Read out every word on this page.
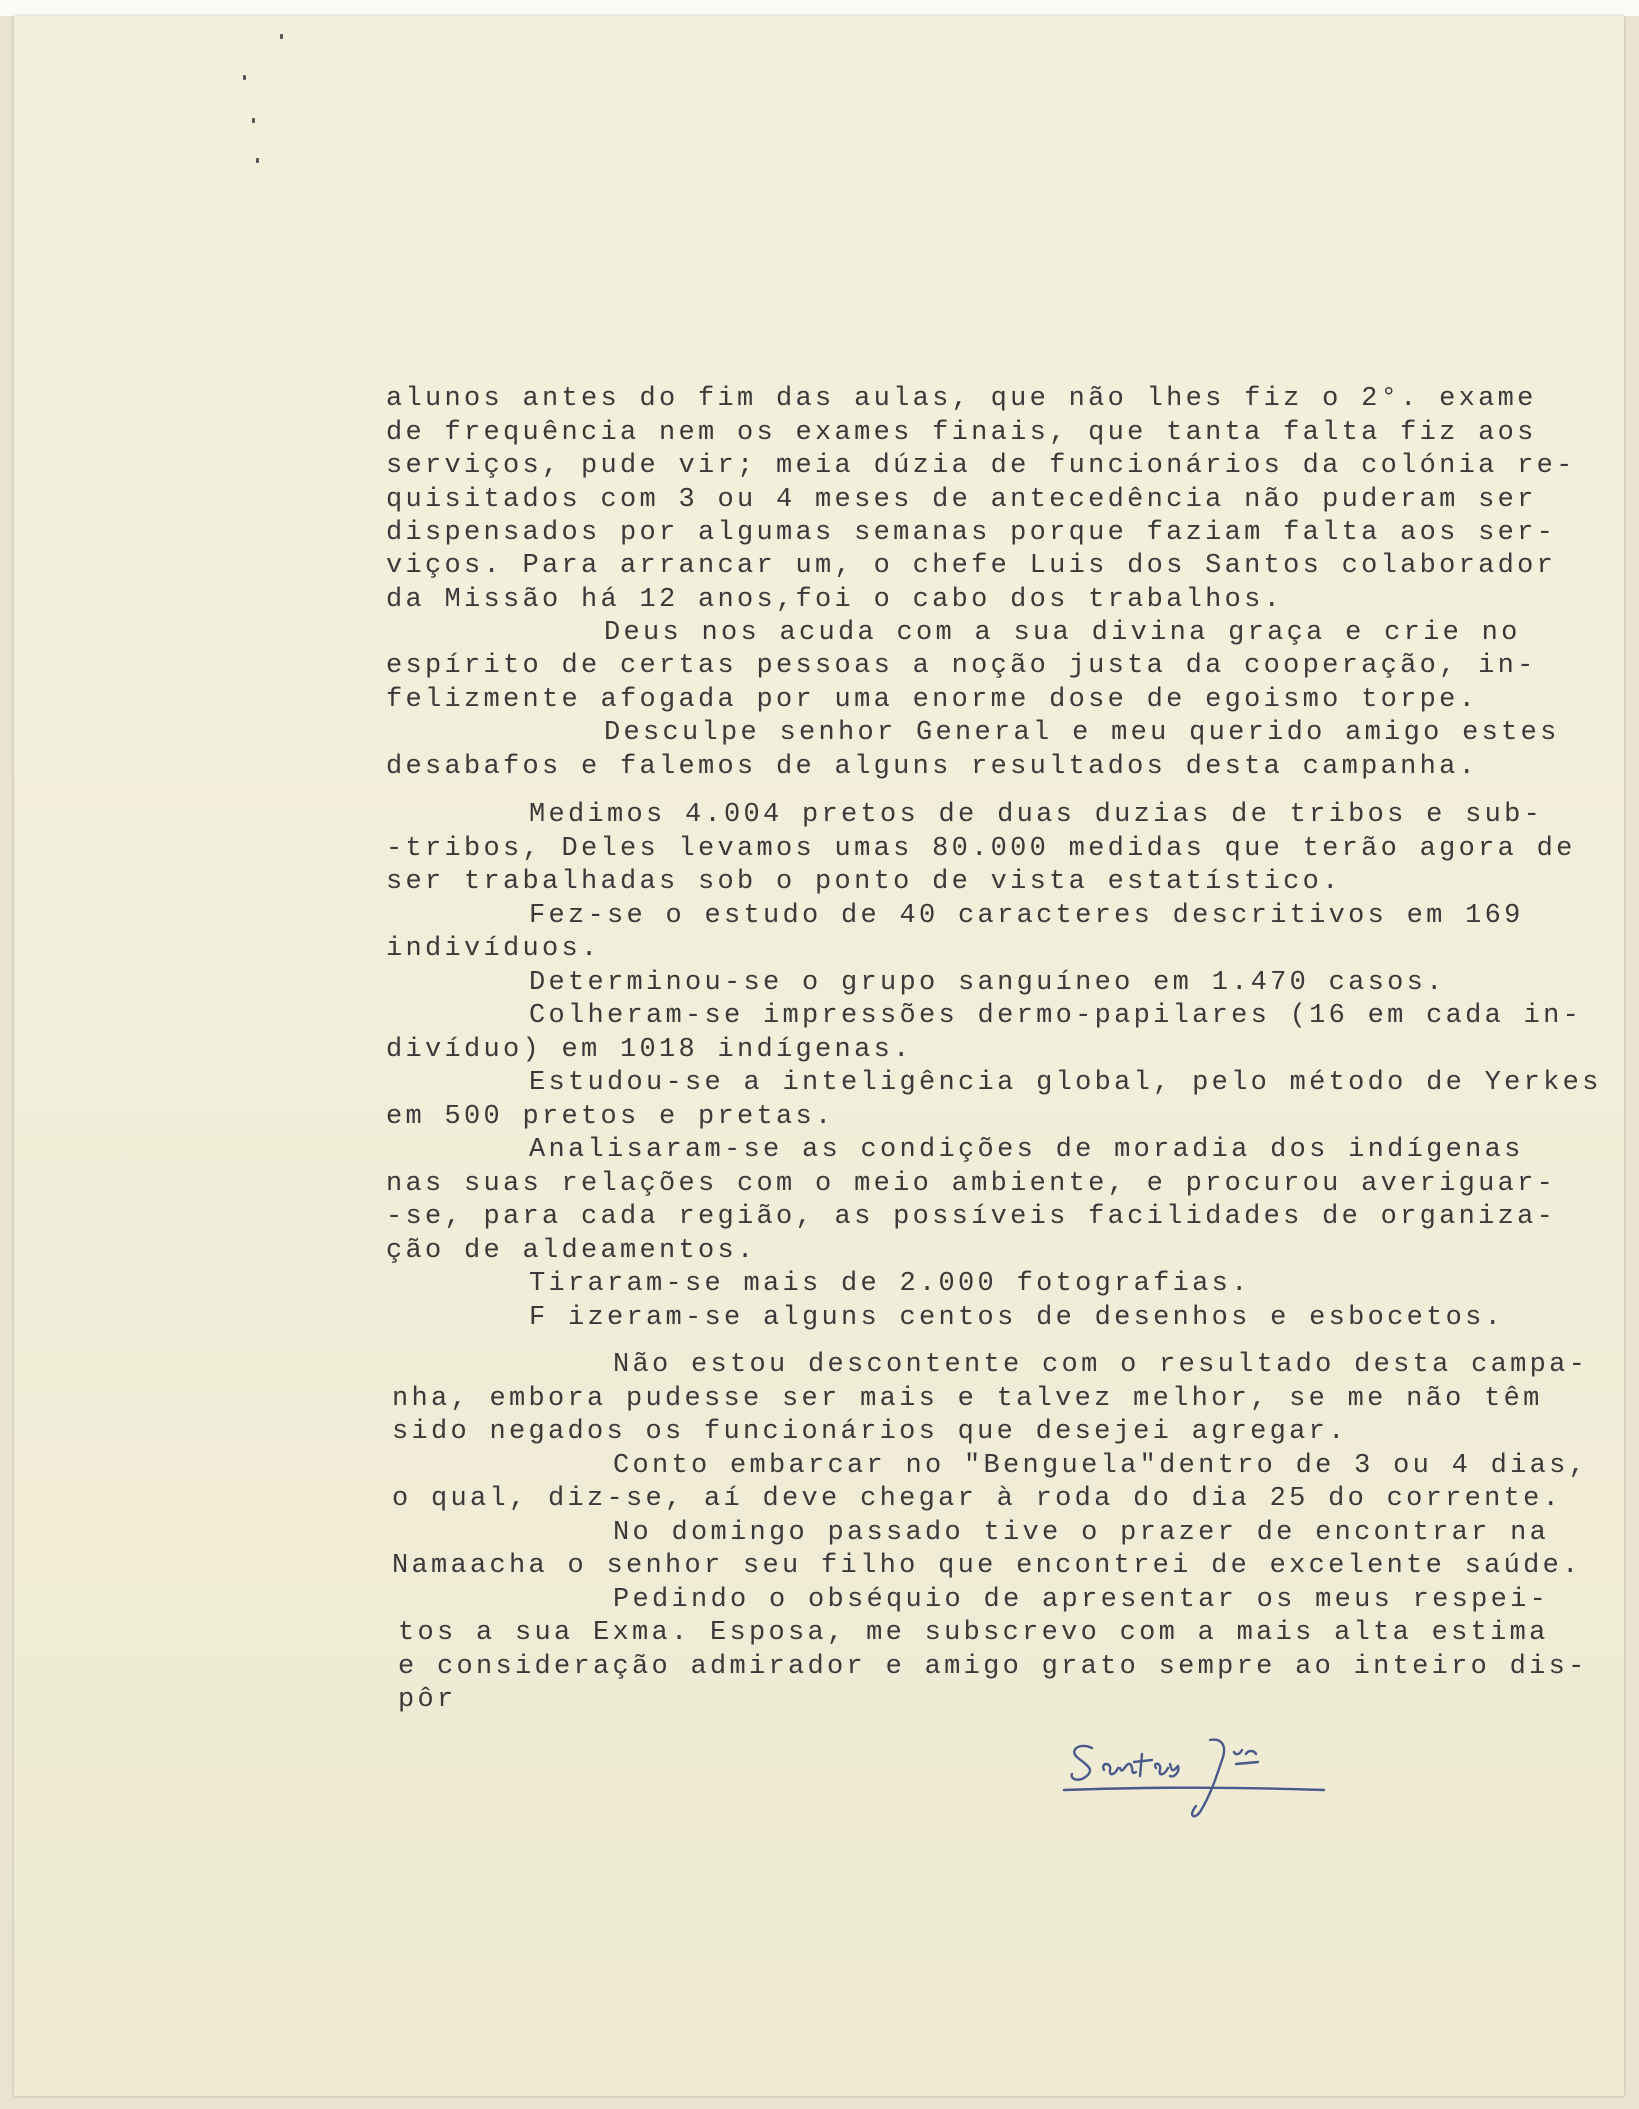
alunos antes do fim das aulas, que não lhes fiz o 2°. exame
de frequência nem os exames finais, que tanta falta fiz aos
serviços, pude vir; meia dúzia de funcionários da colónia re-
quisitados com 3 ou 4 meses de antecedência não puderam ser
dispensados por algumas semanas porque faziam falta aos ser-
viços. Para arrancar um, o chefe Luis dos Santos colaborador
da Missão há 12 anos,foi o cabo dos trabalhos.
Deus nos acuda com a sua divina graça e crie no
espírito de certas pessoas a noção justa da cooperação, in-
felizmente afogada por uma enorme dose de egoismo torpe.
Desculpe senhor General e meu querido amigo estes
desabafos e falemos de alguns resultados desta campanha.
Medimos 4.004 pretos de duas duzias de tribos e sub-
-tribos, Deles levamos umas 80.000 medidas que terão agora de
ser trabalhadas sob o ponto de vista estatístico.
Fez-se o estudo de 40 caracteres descritivos em 169
indivíduos.
Determinou-se o grupo sanguíneo em 1.470 casos.
Colheram-se impressões dermo-papilares (16 em cada in-
divíduo) em 1018 indígenas.
Estudou-se a inteligência global, pelo método de Yerkes
em 500 pretos e pretas.
Analisaram-se as condições de moradia dos indígenas
nas suas relações com o meio ambiente, e procurou averiguar-
-se, para cada região, as possíveis facilidades de organiza-
ção de aldeamentos.
Tiraram-se mais de 2.000 fotografias.
F izeram-se alguns centos de desenhos e esbocetos.
Não estou descontente com o resultado desta campa-
nha, embora pudesse ser mais e talvez melhor, se me não têm
sido negados os funcionários que desejei agregar.
Conto embarcar no "Benguela"dentro de 3 ou 4 dias,
o qual, diz-se, aí deve chegar à roda do dia 25 do corrente.
No domingo passado tive o prazer de encontrar na
Namaacha o senhor seu filho que encontrei de excelente saúde.
Pedindo o obséquio de apresentar os meus respei-
tos a sua Exma. Esposa, me subscrevo com a mais alta estima
e consideração admirador e amigo grato sempre ao inteiro dis-
pôr
